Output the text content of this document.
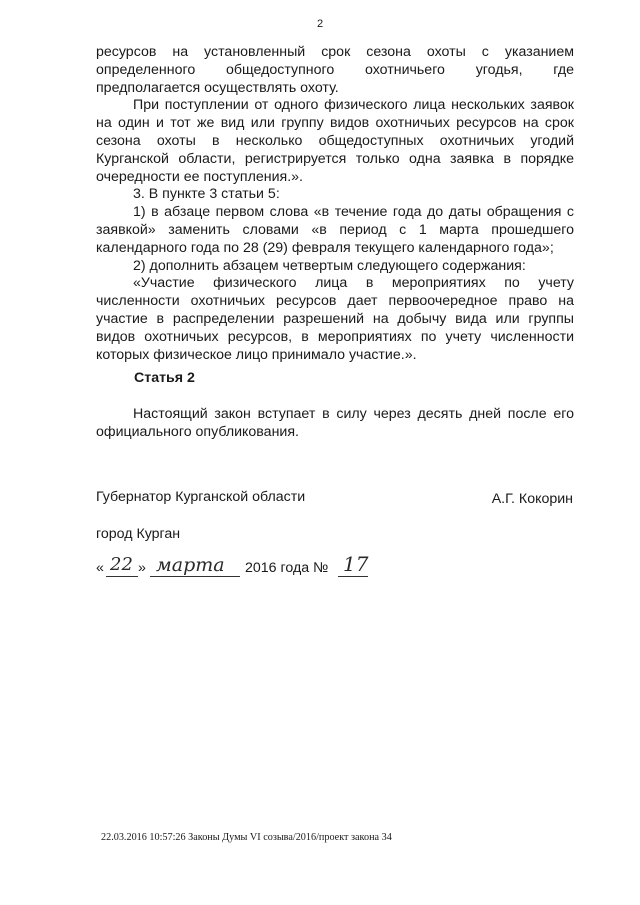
2

ресурсов на установленный срок сезона охоты с указанием определенного общедоступного охотничьего угодья, где предполагается осуществлять охоту.

При поступлении от одного физического лица нескольких заявок на один и тот же вид или группу видов охотничьих ресурсов на срок сезона охоты в несколько общедоступных охотничьих угодий Курганской области, регистрируется только одна заявка в порядке очередности ее поступления.».

3. В пункте 3 статьи 5:

1) в абзаце первом слова «в течение года до даты обращения с заявкой» заменить словами «в период с 1 марта прошедшего календарного года по 28 (29) февраля текущего календарного года»;

2) дополнить абзацем четвертым следующего содержания:

«Участие физического лица в мероприятиях по учету численности охотничьих ресурсов дает первоочередное право на участие в распределении разрешений на добычу вида или группы видов охотничьих ресурсов, в мероприятиях по учету численности которых физическое лицо принимало участие.».

Статья 2

Настоящий закон вступает в силу через десять дней после его официального опубликования.

Губернатор Курганской области	А.Г. Кокорин
город Курган
« 22 » марта 2016 года № 17
22.03.2016 10:57:26 Законы Думы VI созыва/2016/проект закона 34
